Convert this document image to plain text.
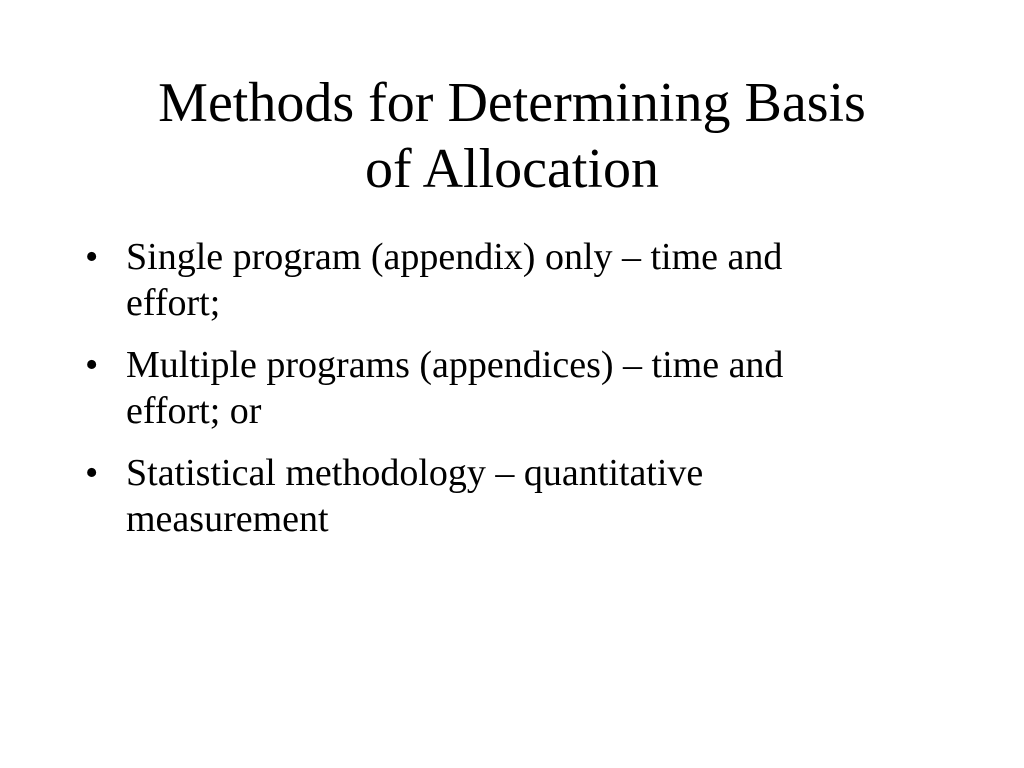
Methods for Determining Basis
of Allocation
• Single program (appendix) only – time and
effort;
• Multiple programs (appendices) – time and
effort; or
• Statistical methodology – quantitative
measurement
